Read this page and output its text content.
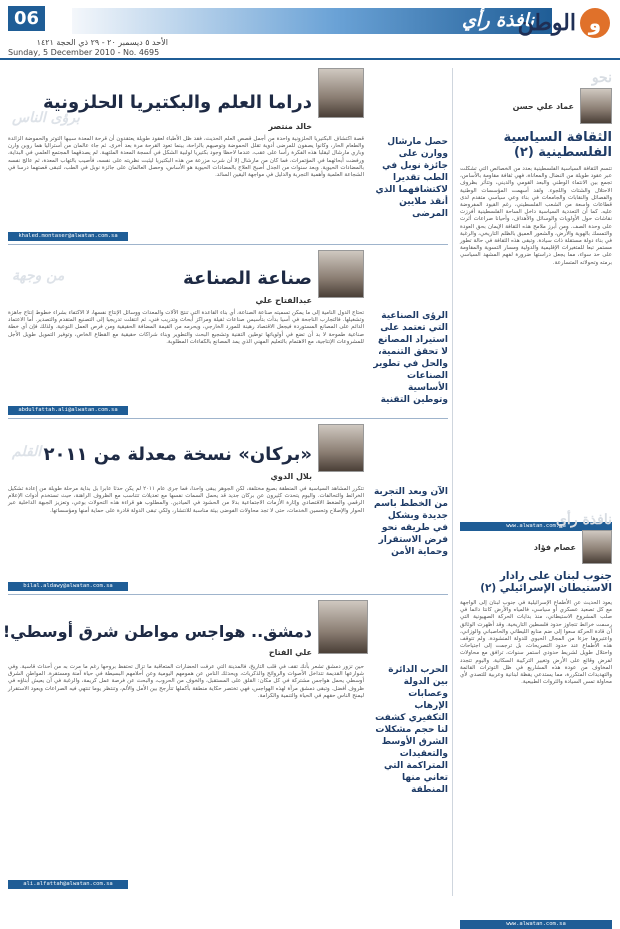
نافذة رأي	و
الوطن
06
الأحد ٥ ديسمبر ٢٠ - ٢٩ ذي الحجة ١٤٢١
Sunday, 5 December 2010 - No. 4695
نحو
عماد علي حسن
الثقافة السياسية الفلسطينية (٢)
تتسم الثقافة السياسية الفلسطينية بعدد من الخصائص التي تشكلت عبر عقود طويلة من النضال والمعاناة، فهي ثقافة مقاومة بالأساس، تجمع بين الانتماء الوطني والبعد القومي والديني، وتتأثر بظروف الاحتلال والشتات واللجوء. ولقد أسهمت المؤسسات الوطنية والفصائل والنقابات والجامعات في بناء وعي سياسي متقدم لدى قطاعات واسعة من الشعب الفلسطيني، رغم القيود المفروضة عليه. كما أن التعددية السياسية داخل الساحة الفلسطينية أفرزت نقاشات حول الأولويات والوسائل والأهداف، وأحيانا صراعات أثرت على وحدة الصف. ومن أبرز ملامح هذه الثقافة الإيمان بحق العودة والتمسك بالهوية والأرض، والشعور العميق بالظلم التاريخي، والرغبة في بناء دولة مستقلة ذات سيادة. وتبقى هذه الثقافة في حالة تطور مستمر تبعا للمتغيرات الإقليمية والدولية ومسار التسوية والمقاومة على حد سواء، مما يجعل دراستها ضرورة لفهم المشهد السياسي برمته وتحولاته المتسارعة.
www.alwatan.com.sa
نافذة رأي
عصام فؤاد
جنوب لبنان على رادار الاستيطان الإسرائيلي (٢)
يعود الحديث عن الأطماع الإسرائيلية في جنوب لبنان إلى الواجهة مع كل تصعيد عسكري أو سياسي، فالمياه والأرض كانتا دائما في صلب المشروع الاستيطاني، منذ بدايات الحركة الصهيونية التي رسمت خرائط تتجاوز حدود فلسطين التاريخية. وقد أظهرت الوثائق أن قادة الحركة سعوا إلى ضم منابع الليطاني والحاصباني والوزاني، واعتبروها جزءا من المجال الحيوي للدولة المنشودة. ولم تتوقف هذه الأطماع عند حدود التصريحات، بل ترجمت إلى اجتياحات واحتلال طويل لشريط حدودي استمر سنوات، ترافق مع محاولات لفرض وقائع على الأرض وتغيير التركيبة السكانية. واليوم تتجدد المخاوف من عودة هذه المشاريع في ظل التوترات القائمة والتهديدات المتكررة، مما يستدعي يقظة لبنانية وعربية للتصدي لأي محاولة تمس السيادة والثروات الطبيعية.
www.alwatan.com.sa
برؤى الناس
دراما العلم والبكتيريا الحلزونية
خالد منتصر
حصل مارشال ووارن على جائزة نوبل في الطب تقديرا لاكتشافهما الذي أنقذ ملايين المرضى
قصة اكتشاف البكتيريا الحلزونية واحدة من أجمل قصص العلم الحديث، فقد ظل الأطباء لعقود طويلة يعتقدون أن قرحة المعدة سببها التوتر والحموضة الزائدة والطعام الحار، وكانوا يصفون للمرضى أدوية تقلل الحموضة وتوصيهم بالراحة، بينما تعود القرحة مرة بعد أخرى. ثم جاء عالمان من أستراليا هما روبن وارن وباري مارشال ليقلبا هذه الفكرة رأسا على عقب، عندما لاحظا وجود بكتيريا لولبية الشكل في أنسجة المعدة الملتهبة. لم يصدقهما المجتمع العلمي في البداية، ورفضت أبحاثهما في المؤتمرات، فما كان من مارشال إلا أن شرب مزرعة من هذه البكتيريا ليثبت نظريته على نفسه، فأصيب بالتهاب المعدة، ثم عالج نفسه بالمضادات الحيوية. وبعد سنوات من الجدل أصبح العلاج بالمضادات الحيوية هو الأساس، وحصل العالمان على جائزة نوبل في الطب، لتبقى قصتهما درسا في الشجاعة العلمية وأهمية التجربة والدليل في مواجهة اليقين السائد.
khaled.montaser@alwatan.com.sa
من وجهة	صناعة الصناعة
عبدالفتاح علي
الرؤى الصناعية التي تعتمد على استيراد المصانع لا تحقق التنمية، والحل في تطوير الصناعات الأساسية وتوطين التقنية
تحتاج الدول النامية إلى ما يمكن تسميته صناعة الصناعة، أي بناء القاعدة التي تنتج الآلات والمعدات ووسائل الإنتاج نفسها، لا الاكتفاء بشراء خطوط إنتاج جاهزة وتشغيلها. فالتجارب الناجحة في آسيا بدأت بتأسيس صناعات ثقيلة ومراكز أبحاث وتدريب فني، ثم انتقلت تدريجيا إلى التصنيع المتقدم والتصدير. أما الاعتماد الدائم على المصانع المستوردة فيجعل الاقتصاد رهينة للمورد الخارجي، ويحرمه من القيمة المضافة الحقيقية ومن فرص العمل النوعية. ولذلك فإن أي خطة صناعية طموحة لا بد أن تضع في أولوياتها توطين التقنية وتشجيع البحث والتطوير وبناء شراكات حقيقية مع القطاع الخاص، وتوفير التمويل طويل الأجل للمشروعات الإنتاجية، مع الاهتمام بالتعليم المهني الذي يمد المصانع بالكفاءات المطلوبة.
abdulfattah.ali@alwatan.com.sa
القلم «بركان» نسخة معدلة من ٢٠١١
بلال الدوي
الآن وبعد التجربة من الخطط باسم جديدة وبشكل في طريقه نحو فرض الاستقرار وحماية الأمن
تتكرر المشاهد السياسية في المنطقة بصيغ مختلفة، لكن الجوهر يبقى واحدا، فما جرى عام ٢٠١١ لم يكن حدثا عابرا بل بداية مرحلة طويلة من إعادة تشكيل الخرائط والتحالفات. واليوم يتحدث كثيرون عن بركان جديد قد يحمل السمات نفسها مع تعديلات تتناسب مع الظروف الراهنة، حيث تستخدم أدوات الإعلام الرقمي والضغط الاقتصادي وإثارة الأزمات الاجتماعية بدلا من الحشود في الميادين. والمطلوب هو قراءة هذه التحولات بوعي، وتعزيز الجبهة الداخلية عبر الحوار والإصلاح وتحسين الخدمات، حتى لا تجد محاولات الفوضى بيئة مناسبة للانتشار، ولكي تبقى الدولة قادرة على حماية أمنها ومؤسساتها.
bilal.aldawy@alwatan.com.sa
دمشق.. هواجس مواطن شرق أوسطي!
علي الفتاح
الحرب الدائرة بين الدولة وعصابات الإرهاب التكفيري كشفت لنا حجم مشكلات الشرق الأوسط والتعقيدات المتراكمة التي تعاني منها المنطقة
حين تزور دمشق تشعر بأنك تقف في قلب التاريخ، فالمدينة التي عرفت الحضارات المتعاقبة ما تزال تحتفظ بروحها رغم ما مرت به من أحداث قاسية. وفي شوارعها القديمة تتداخل الأصوات والروائح والذكريات، ويحدثك الناس عن همومهم اليومية وعن أحلامهم البسيطة في حياة آمنة ومستقرة. المواطن الشرق أوسطي يحمل هواجس مشتركة في كل مكان: القلق على المستقبل، والخوف من الحروب، والبحث عن فرصة عمل كريمة، والرغبة في أن يعيش أبناؤه في ظروف أفضل. وتبقى دمشق مرآة لهذه الهواجس، فهي تختصر حكاية منطقة بأكملها تتأرجح بين الأمل والألم، وتنتظر يوما تنتهي فيه الصراعات ويعود الاستقرار ليمنح الناس حقهم في الحياة والتنمية والكرامة.
ali.alfattah@alwatan.com.sa
